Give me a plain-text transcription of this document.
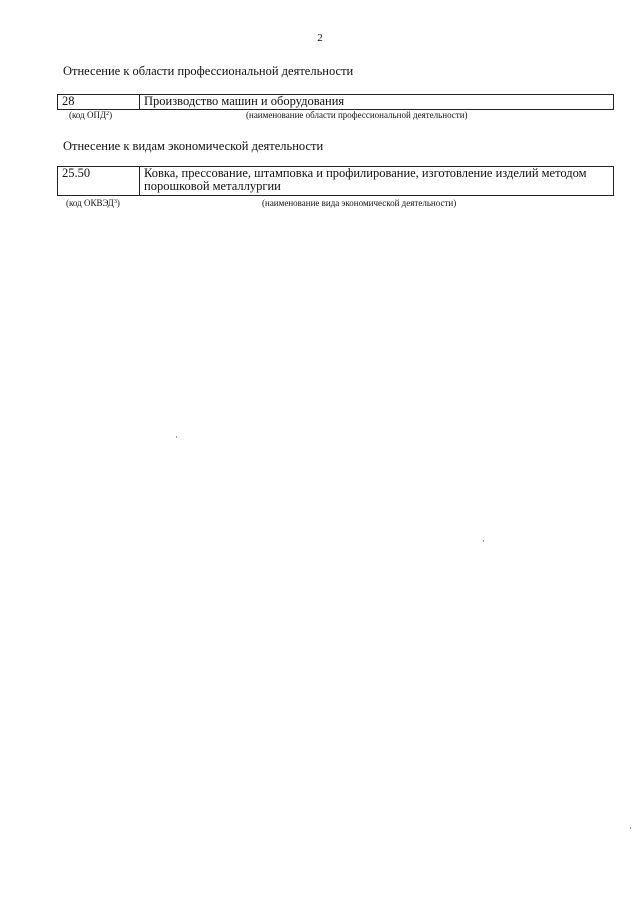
2
Отнесение к области профессиональной деятельности
28	Производство машин и оборудования
(код ОПД$^2$)	(наименование области профессиональной деятельности)
Отнесение к видам экономической деятельности
25.50	Ковка, прессование, штамповка и профилирование, изготовление изделий методом порошковой металлургии
(код ОКВЭД$^3$)	(наименование вида экономической деятельности)
